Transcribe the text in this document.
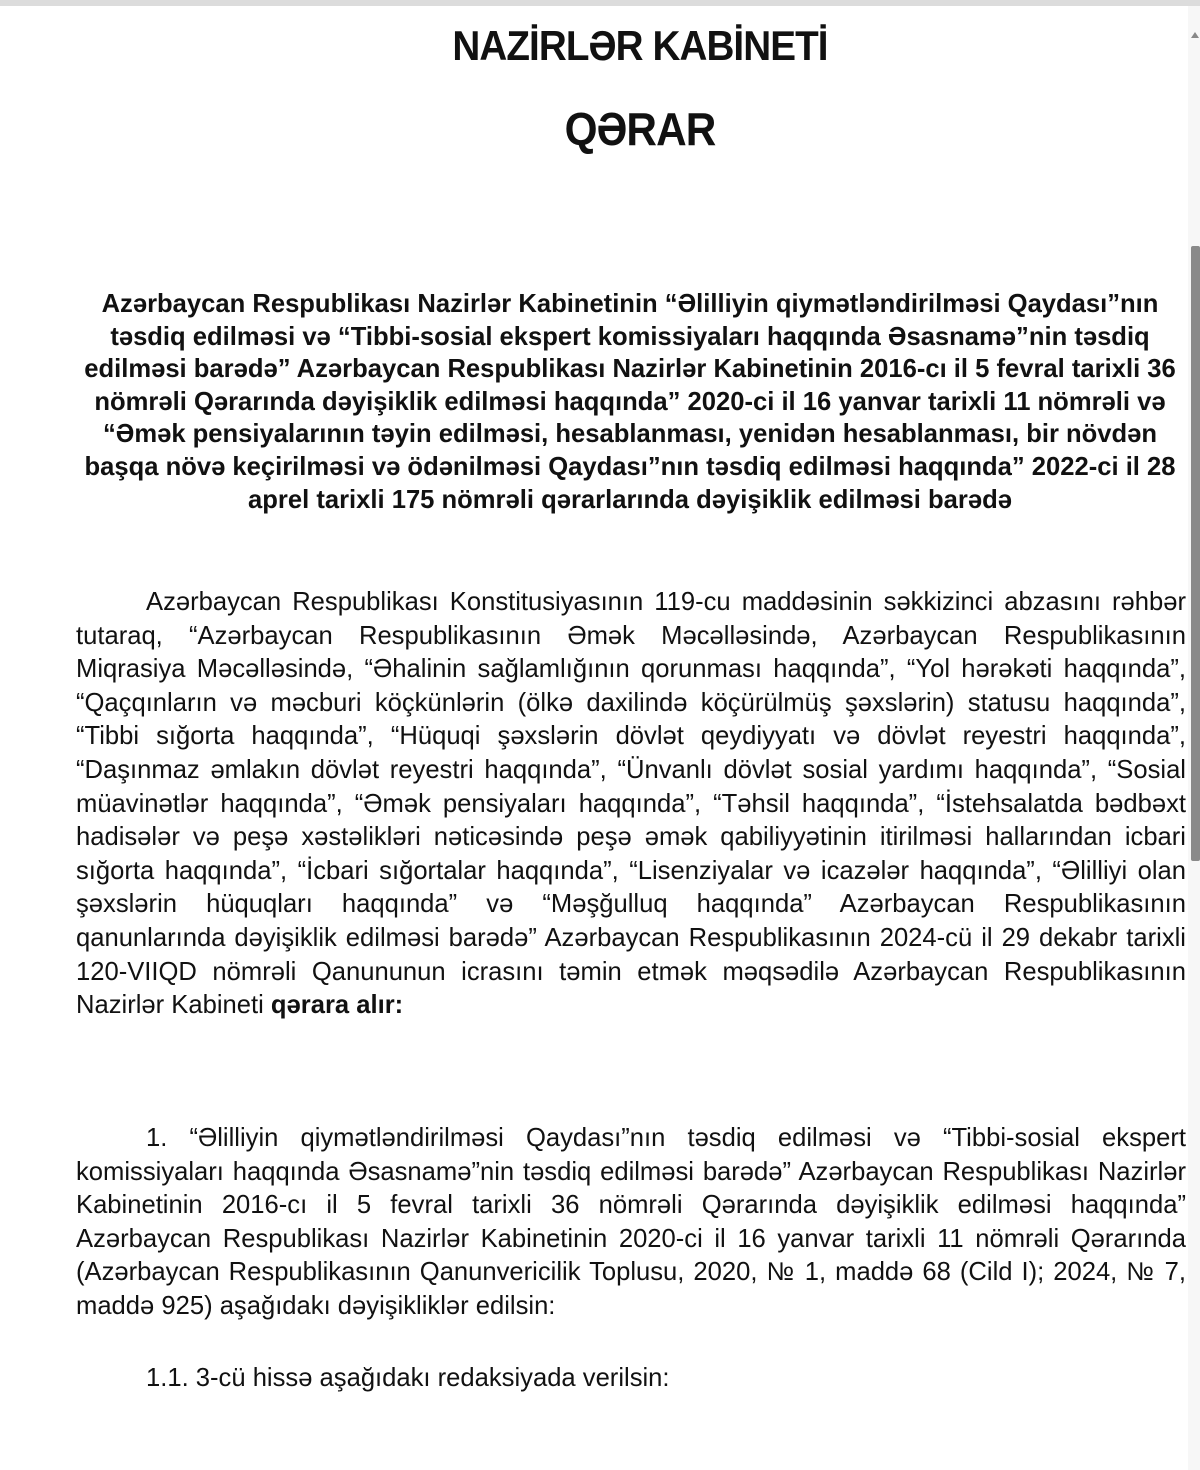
NAZİRLƏR KABİNETİ
QƏRAR
Azərbaycan Respublikası Nazirlər Kabinetinin “Əlilliyin qiymətləndirilməsi Qaydası”nın təsdiq edilməsi və “Tibbi-sosial ekspert komissiyaları haqqında Əsasnamə”nin təsdiq edilməsi barədə” Azərbaycan Respublikası Nazirlər Kabinetinin 2016-cı il 5 fevral tarixli 36 nömrəli Qərarında dəyişiklik edilməsi haqqında” 2020-ci il 16 yanvar tarixli 11 nömrəli və “Əmək pensiyalarının təyin edilməsi, hesablanması, yenidən hesablanması, bir növdən başqa növə keçirilməsi və ödənilməsi Qaydası”nın təsdiq edilməsi haqqında” 2022-ci il 28 aprel tarixli 175 nömrəli qərarlarında dəyişiklik edilməsi barədə
Azərbaycan Respublikası Konstitusiyasının 119-cu maddəsinin səkkizinci abzasını rəhbər tutaraq, “Azərbaycan Respublikasının Əmək Məcəlləsində, Azərbaycan Respublikasının Miqrasiya Məcəlləsində, “Əhalinin sağlamlığının qorunması haqqında”, “Yol hərəkəti haqqında”, “Qaçqınların və məcburi köçkünlərin (ölkə daxilində köçürülmüş şəxslərin) statusu haqqında”, “Tibbi sığorta haqqında”, “Hüquqi şəxslərin dövlət qeydiyyatı və dövlət reyestri haqqında”, “Daşınmaz əmlakın dövlət reyestri haqqında”, “Ünvanlı dövlət sosial yardımı haqqında”, “Sosial müavinətlər haqqında”, “Əmək pensiyaları haqqında”, “Təhsil haqqında”, “İstehsalatda bədbəxt hadisələr və peşə xəstəlikləri nəticəsində peşə əmək qabiliyyətinin itirilməsi hallarından icbari sığorta haqqında”, “İcbari sığortalar haqqında”, “Lisenziyalar və icazələr haqqında”, “Əlilliyi olan şəxslərin hüquqları haqqında” və “Məşğulluq haqqında” Azərbaycan Respublikasının qanunlarında dəyişiklik edilməsi barədə” Azərbaycan Respublikasının 2024-cü il 29 dekabr tarixli 120-VIIQD nömrəli Qanununun icrasını təmin etmək məqsədilə Azərbaycan Respublikasının Nazirlər Kabineti qərara alır:
1. “Əlilliyin qiymətləndirilməsi Qaydası”nın təsdiq edilməsi və “Tibbi-sosial ekspert komissiyaları haqqında Əsasnamə”nin təsdiq edilməsi barədə” Azərbaycan Respublikası Nazirlər Kabinetinin 2016-cı il 5 fevral tarixli 36 nömrəli Qərarında dəyişiklik edilməsi haqqında” Azərbaycan Respublikası Nazirlər Kabinetinin 2020-ci il 16 yanvar tarixli 11 nömrəli Qərarında (Azərbaycan Respublikasının Qanunvericilik Toplusu, 2020, № 1, maddə 68 (Cild I); 2024, № 7, maddə 925) aşağıdakı dəyişikliklər edilsin:
1.1. 3-cü hissə aşağıdakı redaksiyada verilsin:
